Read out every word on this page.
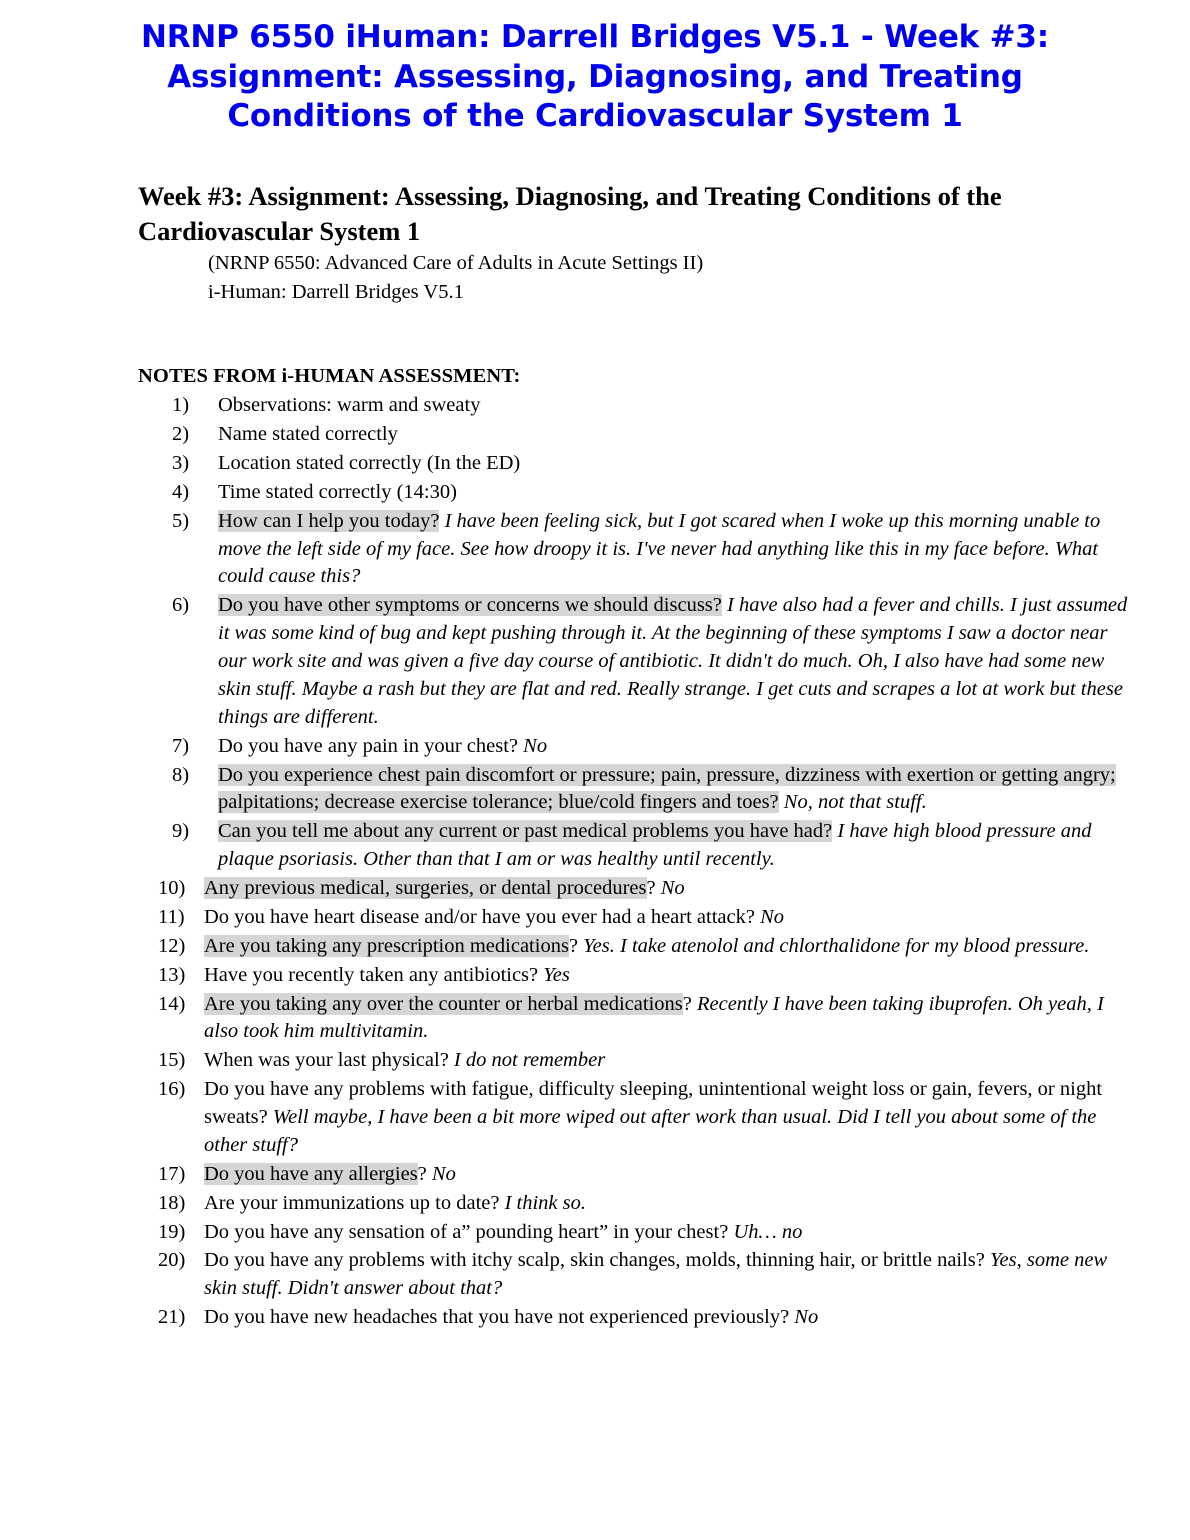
NRNP 6550 iHuman: Darrell Bridges V5.1 - Week #3: Assignment: Assessing, Diagnosing, and Treating Conditions of the Cardiovascular System 1
Week #3: Assignment: Assessing, Diagnosing, and Treating Conditions of the Cardiovascular System 1
(NRNP 6550: Advanced Care of Adults in Acute Settings II)
i-Human: Darrell Bridges V5.1
NOTES FROM i-HUMAN ASSESSMENT:
1)	Observations: warm and sweaty
2)	Name stated correctly
3)	Location stated correctly (In the ED)
4)	Time stated correctly (14:30)
5)	How can I help you today? I have been feeling sick, but I got scared when I woke up this morning unable to move the left side of my face. See how droopy it is. I've never had anything like this in my face before. What could cause this?
6)	Do you have other symptoms or concerns we should discuss? I have also had a fever and chills. I just assumed it was some kind of bug and kept pushing through it. At the beginning of these symptoms I saw a doctor near our work site and was given a five day course of antibiotic. It didn't do much. Oh, I also have had some new skin stuff. Maybe a rash but they are flat and red. Really strange. I get cuts and scrapes a lot at work but these things are different.
7)	Do you have any pain in your chest? No
8)	Do you experience chest pain discomfort or pressure; pain, pressure, dizziness with exertion or getting angry; palpitations; decrease exercise tolerance; blue/cold fingers and toes? No, not that stuff.
9)	Can you tell me about any current or past medical problems you have had? I have high blood pressure and plaque psoriasis. Other than that I am or was healthy until recently.
10) Any previous medical, surgeries, or dental procedures? No
11) Do you have heart disease and/or have you ever had a heart attack? No
12) Are you taking any prescription medications? Yes. I take atenolol and chlorthalidone for my blood pressure.
13) Have you recently taken any antibiotics? Yes
14) Are you taking any over the counter or herbal medications? Recently I have been taking ibuprofen. Oh yeah, I also took him multivitamin.
15) When was your last physical? I do not remember
16) Do you have any problems with fatigue, difficulty sleeping, unintentional weight loss or gain, fevers, or night sweats? Well maybe, I have been a bit more wiped out after work than usual. Did I tell you about some of the other stuff?
17) Do you have any allergies? No
18) Are your immunizations up to date? I think so.
19) Do you have any sensation of a” pounding heart” in your chest? Uh… no
20) Do you have any problems with itchy scalp, skin changes, molds, thinning hair, or brittle nails? Yes, some new skin stuff. Didn't answer about that?
21) Do you have new headaches that you have not experienced previously? No
